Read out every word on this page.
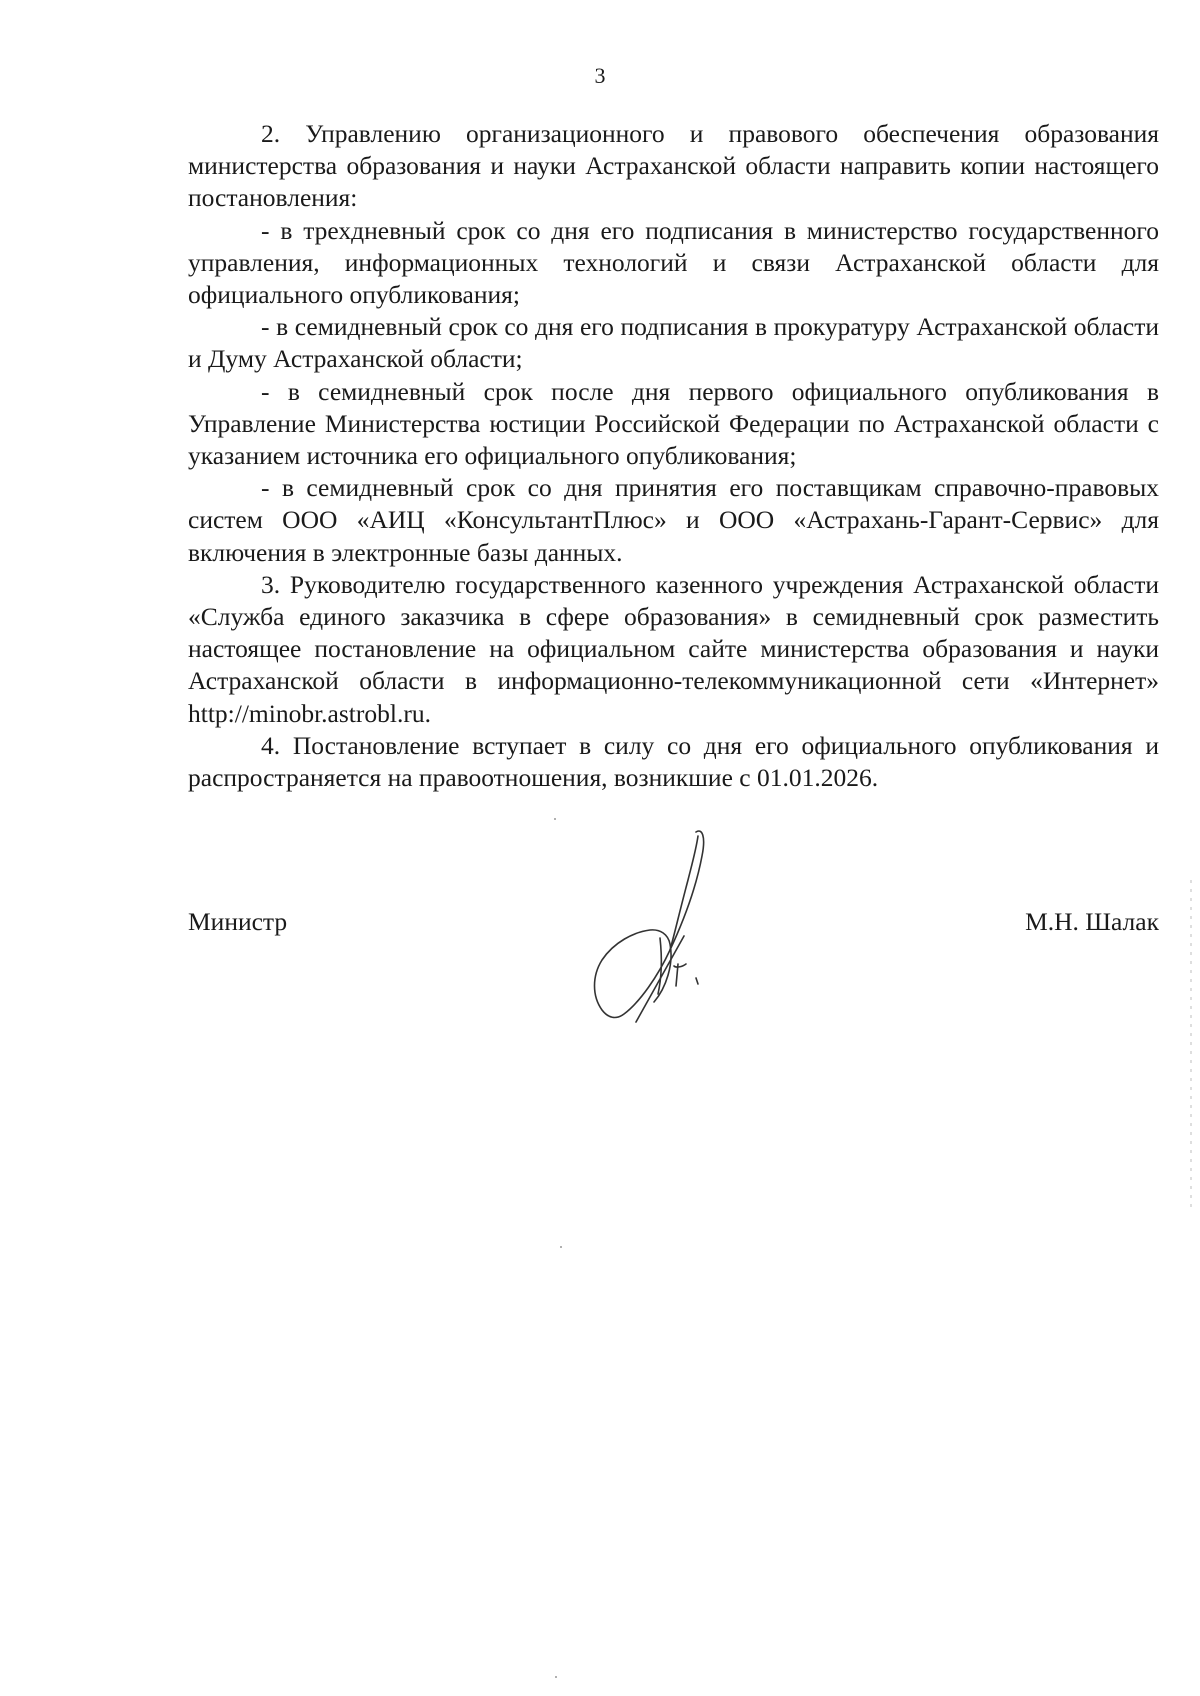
3

2. Управлению организационного и правового обеспечения образования министерства образования и науки Астраханской области направить копии настоящего постановления:

- в трехдневный срок со дня его подписания в министерство государственного управления, информационных технологий и связи Астраханской области для официального опубликования;

- в семидневный срок со дня его подписания в прокуратуру Астраханской области и Думу Астраханской области;

- в семидневный срок после дня первого официального опубликования в Управление Министерства юстиции Российской Федерации по Астраханской области с указанием источника его официального опубликования;

- в семидневный срок со дня принятия его поставщикам справочно-правовых систем ООО «АИЦ «КонсультантПлюс» и ООО «Астрахань-Гарант-Сервис» для включения в электронные базы данных.

3. Руководителю государственного казенного учреждения Астраханской области «Служба единого заказчика в сфере образования» в семидневный срок разместить настоящее постановление на официальном сайте министерства образования и науки Астраханской области в информационно-телекоммуникационной сети «Интернет» http://minobr.astrobl.ru.

4. Постановление вступает в силу со дня его официального опубликования и распространяется на правоотношения, возникшие с 01.01.2026.

Министр	М.Н. Шалак
